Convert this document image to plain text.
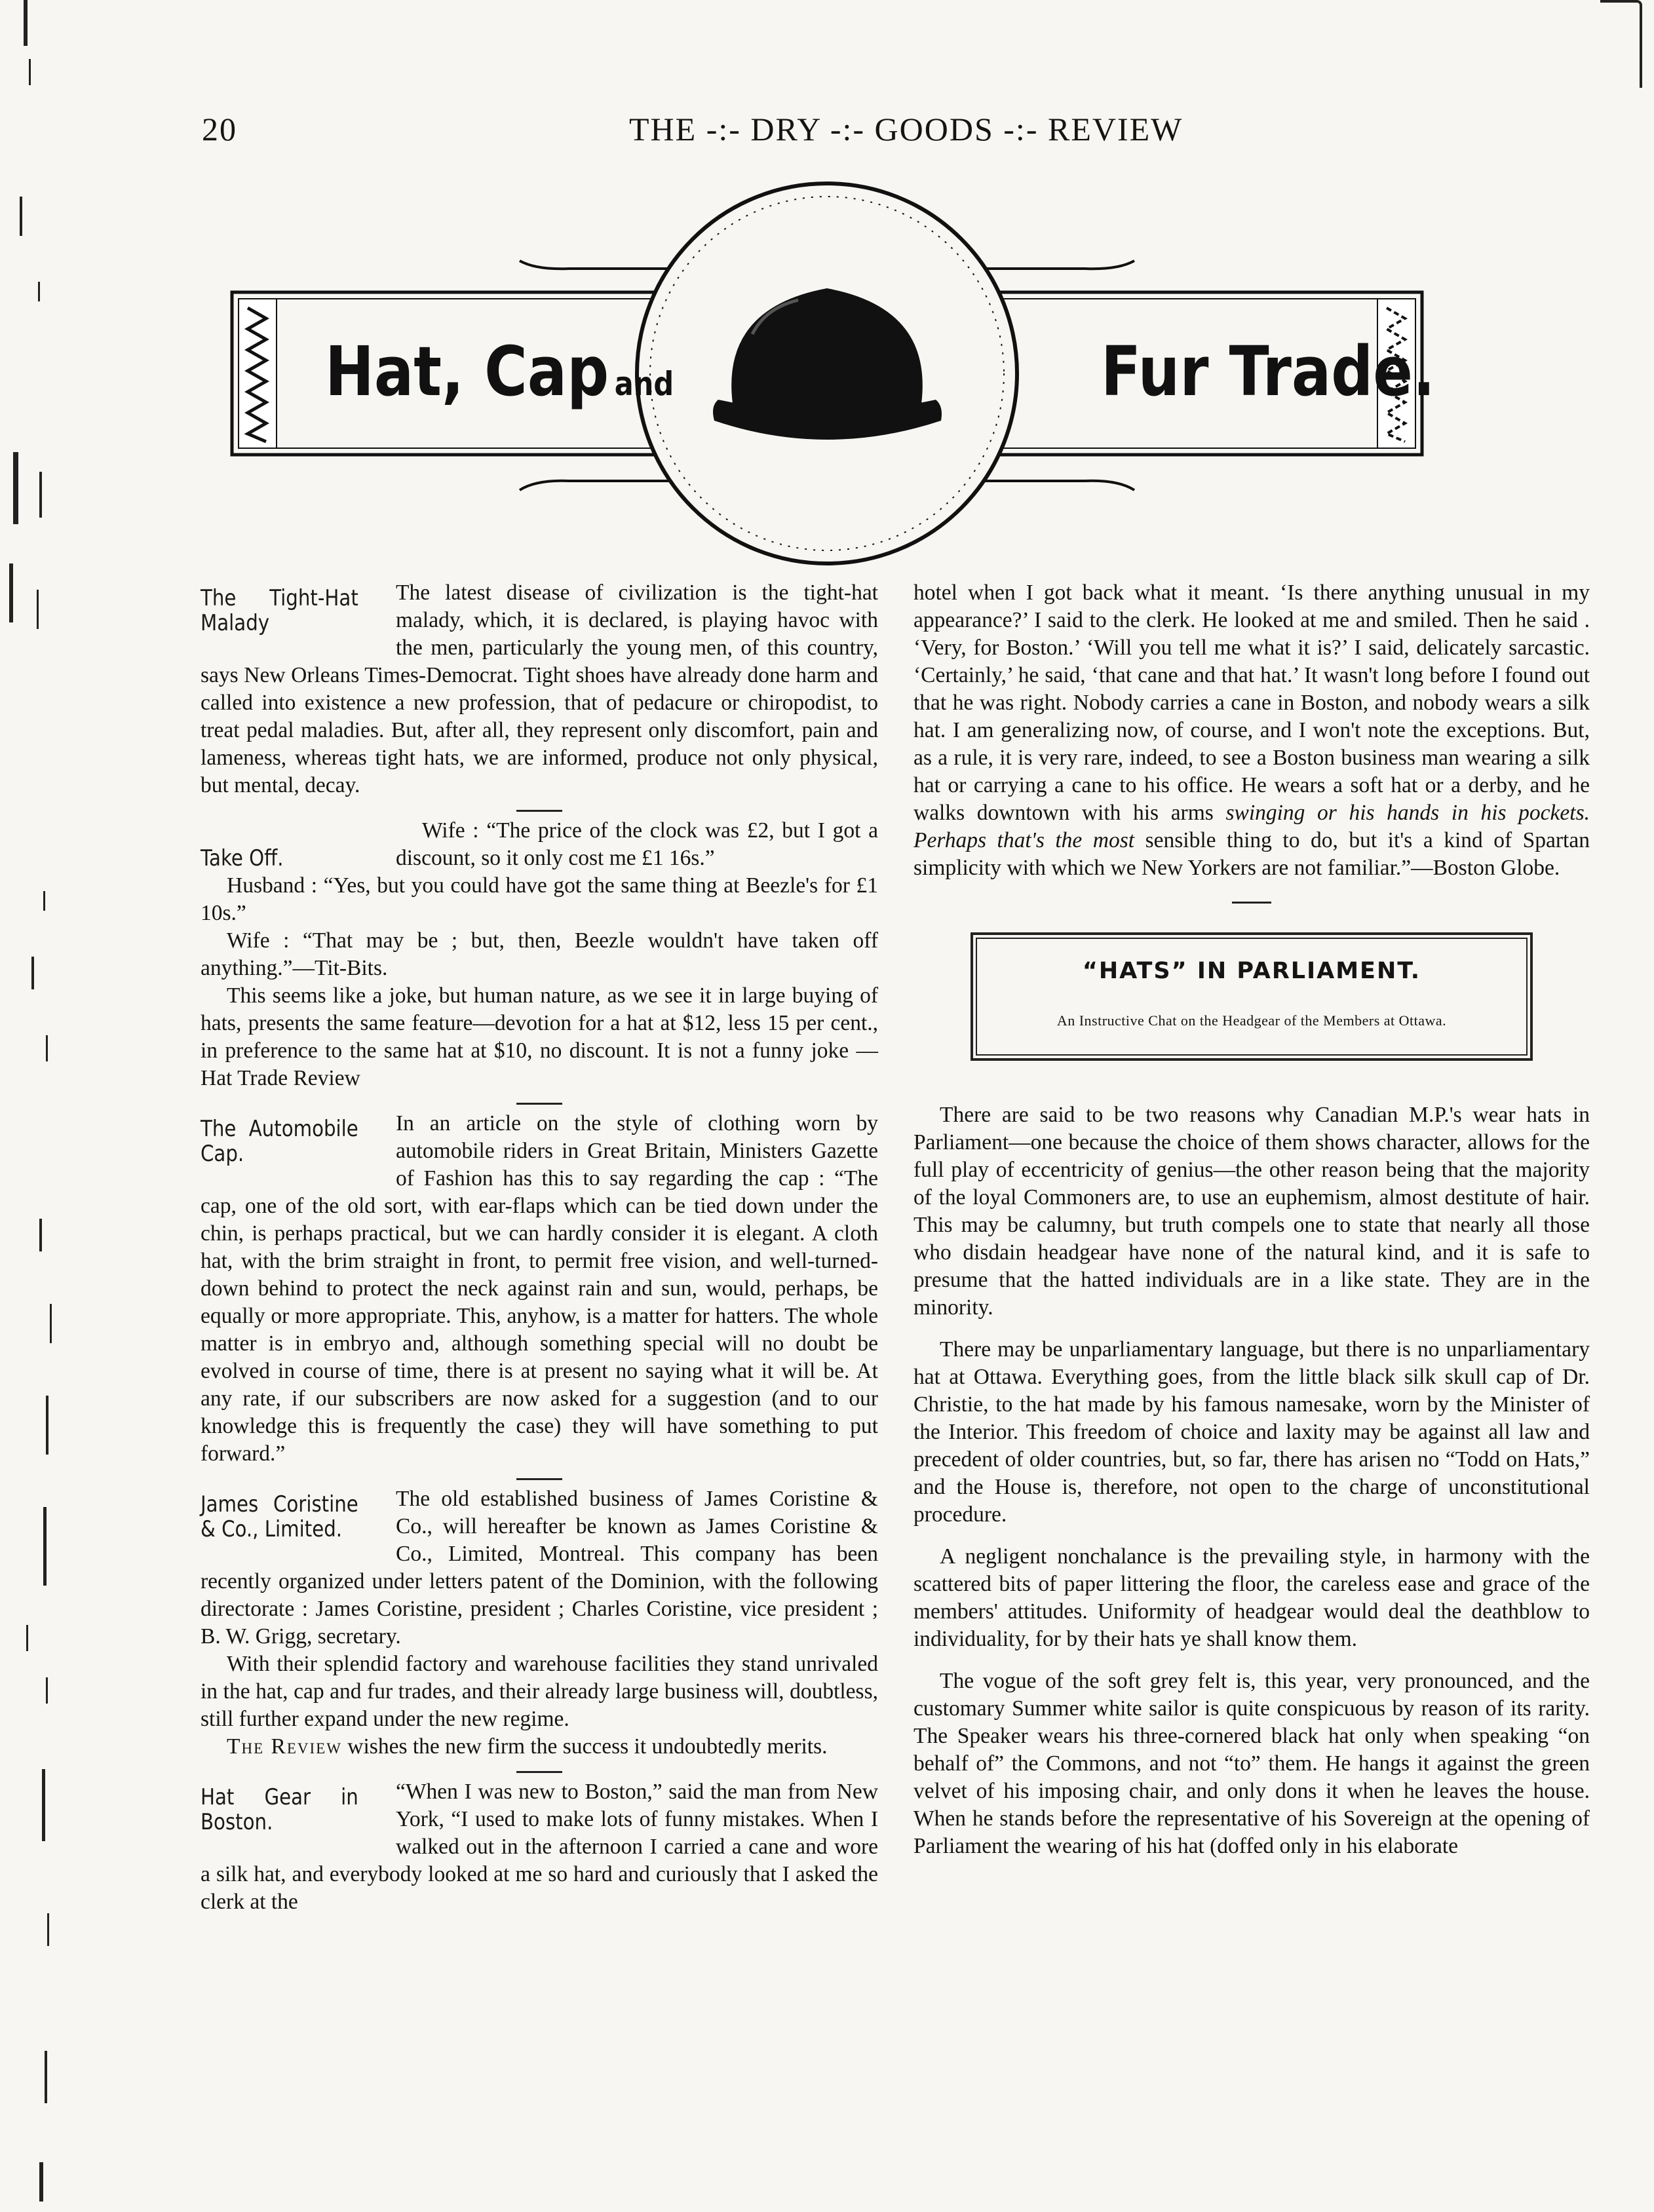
20	THE -:- DRY -:- GOODS -:- REVIEW
Hat, Cap and	Fur Trade.
The Tight-Hat Malady

The latest disease of civilization is the tight-hat malady, which, it is declared, is playing havoc with the men, particularly the young men, of this country, says New Orleans Times-Democrat. Tight shoes have already done harm and called into existence a new profession, that of pedacure or chiropodist, to treat pedal maladies. But, after all, they represent only discomfort, pain and lameness, whereas tight hats, we are informed, produce not only physical, but mental, decay.

Take Off.

Wife : “The price of the clock was £2, but I got a discount, so it only cost me £1 16s.”

Husband : “Yes, but you could have got the same thing at Beezle's for £1 10s.”

Wife : “That may be ; but, then, Beezle wouldn't have taken off anything.”—Tit-Bits.

This seems like a joke, but human nature, as we see it in large buying of hats, presents the same feature—devotion for a hat at $12, less 15 per cent., in preference to the same hat at $10, no discount. It is not a funny joke —Hat Trade Review

The Automobile Cap.

In an article on the style of clothing worn by automobile riders in Great Britain, Ministers Gazette of Fashion has this to say regarding the cap : “The cap, one of the old sort, with ear-flaps which can be tied down under the chin, is perhaps practical, but we can hardly consider it is elegant. A cloth hat, with the brim straight in front, to permit free vision, and well-turned-down behind to protect the neck against rain and sun, would, perhaps, be equally or more appropriate. This, anyhow, is a matter for hatters. The whole matter is in embryo and, although something special will no doubt be evolved in course of time, there is at present no saying what it will be. At any rate, if our subscribers are now asked for a suggestion (and to our knowledge this is frequently the case) they will have something to put forward.”

James Coristine & Co., Limited.

The old established business of James Coristine & Co., will hereafter be known as James Coristine & Co., Limited, Montreal. This company has been recently organized under letters patent of the Dominion, with the following directorate : James Coristine, president ; Charles Coristine, vice president ; B. W. Grigg, secretary.

With their splendid factory and warehouse facilities they stand unrivaled in the hat, cap and fur trades, and their already large business will, doubtless, still further expand under the new regime.

The Review wishes the new firm the success it undoubtedly merits.

Hat Gear in Boston.

“When I was new to Boston,” said the man from New York, “I used to make lots of funny mistakes. When I walked out in the afternoon I carried a cane and wore a silk hat, and everybody looked at me so hard and curiously that I asked the clerk at the

hotel when I got back what it meant. ‘Is there anything unusual in my appearance?’ I said to the clerk. He looked at me and smiled. Then he said . ‘Very, for Boston.’ ‘Will you tell me what it is?’ I said, delicately sarcastic. ‘Certainly,’ he said, ‘that cane and that hat.’ It wasn't long before I found out that he was right. Nobody carries a cane in Boston, and nobody wears a silk hat. I am generalizing now, of course, and I won't note the exceptions. But, as a rule, it is very rare, indeed, to see a Boston business man wearing a silk hat or carrying a cane to his office. He wears a soft hat or a derby, and he walks downtown with his arms swinging or his hands in his pockets. Perhaps that's the most sensible thing to do, but it's a kind of Spartan simplicity with which we New Yorkers are not familiar.”—Boston Globe.

“HATS” IN PARLIAMENT.
An Instructive Chat on the Headgear of the Members at Ottawa.

There are said to be two reasons why Canadian M.P.'s wear hats in Parliament—one because the choice of them shows character, allows for the full play of eccentricity of genius—the other reason being that the majority of the loyal Commoners are, to use an euphemism, almost destitute of hair. This may be calumny, but truth compels one to state that nearly all those who disdain headgear have none of the natural kind, and it is safe to presume that the hatted individuals are in a like state. They are in the minority.

There may be unparliamentary language, but there is no unparliamentary hat at Ottawa. Everything goes, from the little black silk skull cap of Dr. Christie, to the hat made by his famous namesake, worn by the Minister of the Interior. This freedom of choice and laxity may be against all law and precedent of older countries, but, so far, there has arisen no “Todd on Hats,” and the House is, therefore, not open to the charge of unconstitutional procedure.

A negligent nonchalance is the prevailing style, in harmony with the scattered bits of paper littering the floor, the careless ease and grace of the members' attitudes. Uniformity of headgear would deal the deathblow to individuality, for by their hats ye shall know them.

The vogue of the soft grey felt is, this year, very pronounced, and the customary Summer white sailor is quite conspicuous by reason of its rarity. The Speaker wears his three-cornered black hat only when speaking “on behalf of” the Commons, and not “to” them. He hangs it against the green velvet of his imposing chair, and only dons it when he leaves the house. When he stands before the representative of his Sovereign at the opening of Parliament the wearing of his hat (doffed only in his elaborate
